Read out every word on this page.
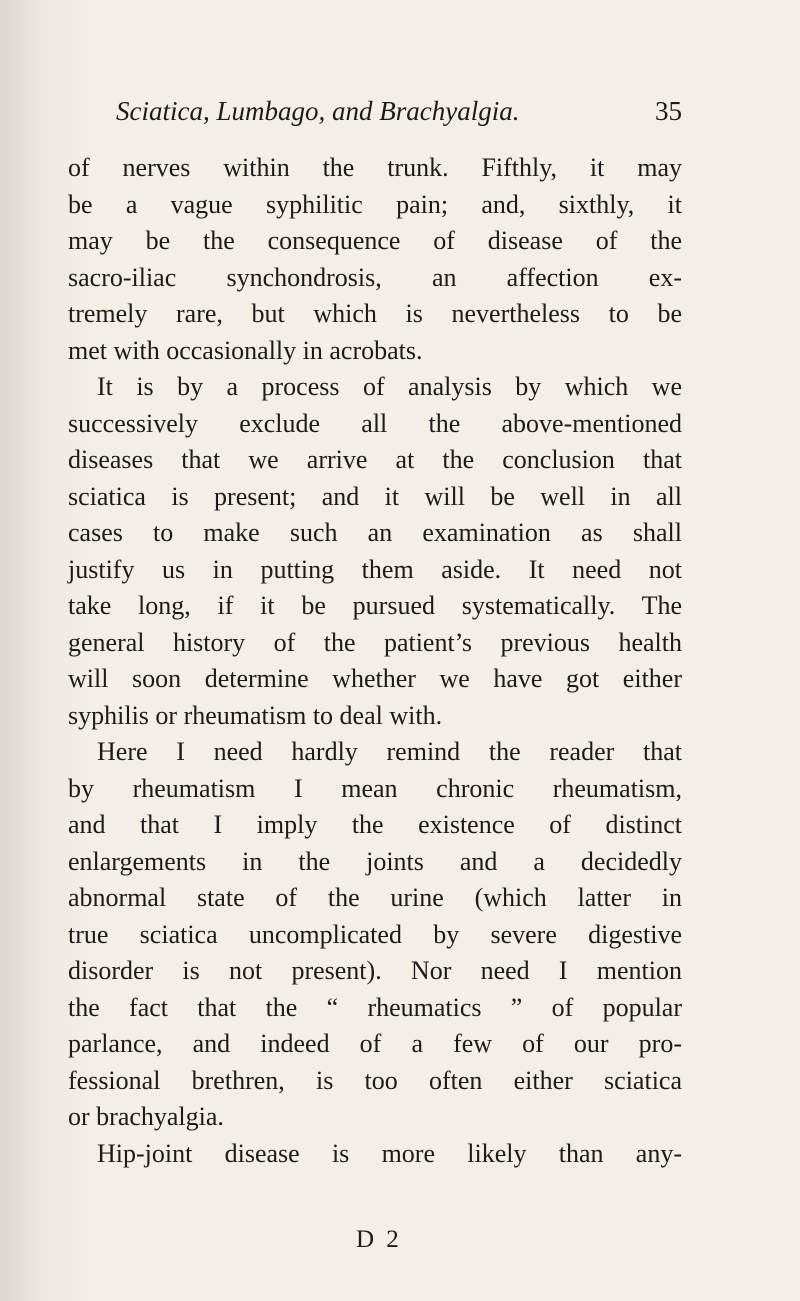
Sciatica, Lumbago, and Brachyalgia.	35
of nerves within the trunk. Fifthly, it may
be a vague syphilitic pain; and, sixthly, it
may be the consequence of disease of the
sacro-iliac synchondrosis, an affection ex-
tremely rare, but which is nevertheless to be
met with occasionally in acrobats.
It is by a process of analysis by which we
successively exclude all the above-mentioned
diseases that we arrive at the conclusion that
sciatica is present; and it will be well in all
cases to make such an examination as shall
justify us in putting them aside. It need not
take long, if it be pursued systematically. The
general history of the patient’s previous health
will soon determine whether we have got either
syphilis or rheumatism to deal with.
Here I need hardly remind the reader that
by rheumatism I mean chronic rheumatism,
and that I imply the existence of distinct
enlargements in the joints and a decidedly
abnormal state of the urine (which latter in
true sciatica uncomplicated by severe digestive
disorder is not present). Nor need I mention
the fact that the “ rheumatics ” of popular
parlance, and indeed of a few of our pro-
fessional brethren, is too often either sciatica
or brachyalgia.
Hip-joint disease is more likely than any-
D 2
